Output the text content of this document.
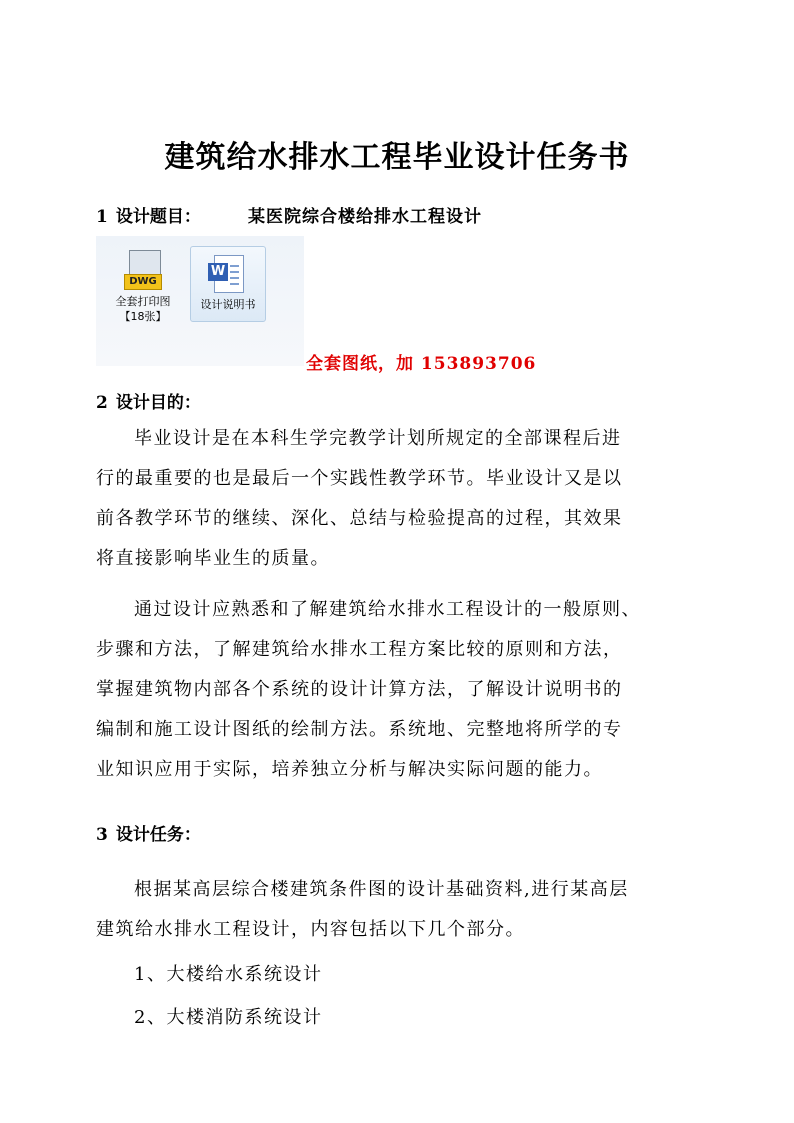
建筑给水排水工程毕业设计任务书
1 设计题目：	某医院综合楼给排水工程设计
DWG
全套打印图
【18张】
W
设计说明书
全套图纸，加 153893706
2 设计目的：
毕业设计是在本科生学完教学计划所规定的全部课程后进
行的最重要的也是最后一个实践性教学环节。毕业设计又是以
前各教学环节的继续、深化、总结与检验提高的过程，其效果
将直接影响毕业生的质量。
通过设计应熟悉和了解建筑给水排水工程设计的一般原则、
步骤和方法，了解建筑给水排水工程方案比较的原则和方法，
掌握建筑物内部各个系统的设计计算方法，了解设计说明书的
编制和施工设计图纸的绘制方法。系统地、完整地将所学的专
业知识应用于实际，培养独立分析与解决实际问题的能力。
3 设计任务：
根据某高层综合楼建筑条件图的设计基础资料,进行某高层
建筑给水排水工程设计，内容包括以下几个部分。
1、大楼给水系统设计
2、大楼消防系统设计
